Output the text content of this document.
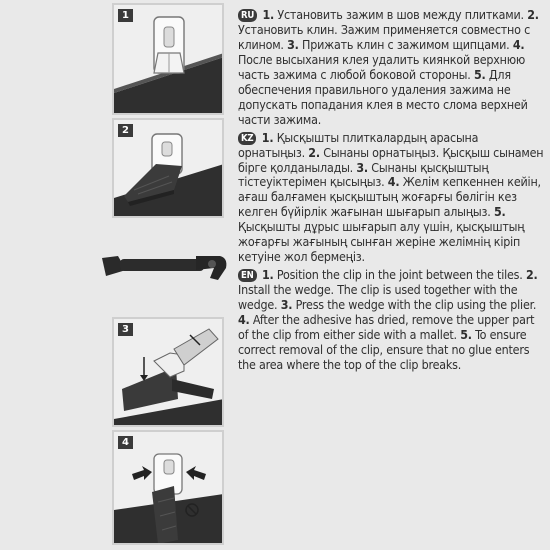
1
2
3
4

RU 1. Установить зажим в шов между плитками. 2. Установить клин. Зажим применяется совместно с клином. 3. Прижать клин с зажимом щипцами. 4. После высыхания клея удалить киянкой верхнюю часть зажима с любой боковой стороны. 5. Для обеспечения правильного удаления зажима не допускать попадания клея в место слома верхней части зажима.

KZ 1. Қысқышты плиткалардың арасына орнатыңыз. 2. Сынаны орнатыңыз. Қысқыш сынамен бірге қолданылады. 3. Сынаны қысқыштың тістеуіктерімен қысыңыз. 4. Желім кепкеннен кейін, ағаш балғамен қысқыштың жоғарғы бөлігін кез келген бүйірлік жағынан шығарып алыңыз. 5. Қысқышты дұрыс шығарып алу үшін, қысқыштың жоғарғы жағының сынған жеріне желімнің кіріп кетуіне жол бермеңіз.

EN 1. Position the clip in the joint between the tiles. 2. Install the wedge. The clip is used together with the wedge. 3. Press the wedge with the clip using the plier. 4. After the adhesive has dried, remove the upper part of the clip from either side with a mallet. 5. To ensure correct removal of the clip, ensure that no glue enters the area where the top of the clip breaks.
